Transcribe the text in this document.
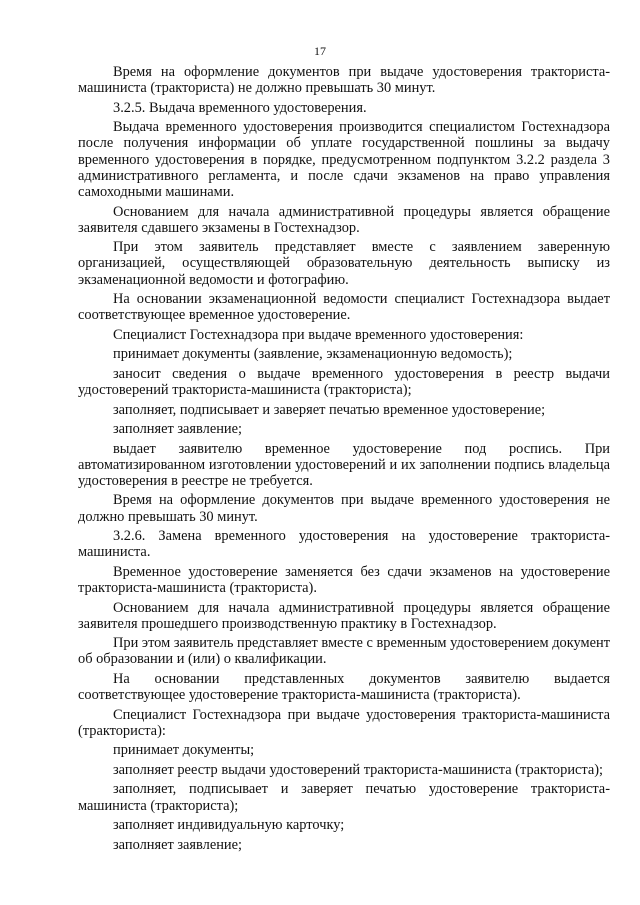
17

Время на оформление документов при выдаче удостоверения тракториста-машиниста (тракториста) не должно превышать 30 минут.

3.2.5. Выдача временного удостоверения.

Выдача временного удостоверения производится специалистом Гостехнадзора после получения информации об уплате государственной пошлины за выдачу временного удостоверения в порядке, предусмотренном подпунктом 3.2.2 раздела 3 административного регламента, и после сдачи экзаменов на право управления самоходными машинами.

Основанием для начала административной процедуры является обращение заявителя сдавшего экзамены в Гостехнадзор.

При этом заявитель представляет вместе с заявлением заверенную организацией, осуществляющей образовательную деятельность выписку из экзаменационной ведомости и фотографию.

На основании экзаменационной ведомости специалист Гостехнадзора выдает соответствующее временное удостоверение.

Специалист Гостехнадзора при выдаче временного удостоверения:

принимает документы (заявление, экзаменационную ведомость);

заносит сведения о выдаче временного удостоверения в реестр выдачи удостоверений тракториста-машиниста (тракториста);

заполняет, подписывает и заверяет печатью временное удостоверение;

заполняет заявление;

выдает заявителю временное удостоверение под роспись. При автоматизированном изготовлении удостоверений и их заполнении подпись владельца удостоверения в реестре не требуется.

Время на оформление документов при выдаче временного удостоверения не должно превышать 30 минут.

3.2.6. Замена временного удостоверения на удостоверение тракториста-машиниста.

Временное удостоверение заменяется без сдачи экзаменов на удостоверение тракториста-машиниста (тракториста).

Основанием для начала административной процедуры является обращение заявителя прошедшего производственную практику в Гостехнадзор.

При этом заявитель представляет вместе с временным удостоверением документ об образовании и (или) о квалификации.

На основании представленных документов заявителю выдается соответствующее удостоверение тракториста-машиниста (тракториста).

Специалист Гостехнадзора при выдаче удостоверения тракториста-машиниста (тракториста):

принимает документы;

заполняет реестр выдачи удостоверений тракториста-машиниста (тракториста);

заполняет, подписывает и заверяет печатью удостоверение тракториста-машиниста (тракториста);

заполняет индивидуальную карточку;

заполняет заявление;
